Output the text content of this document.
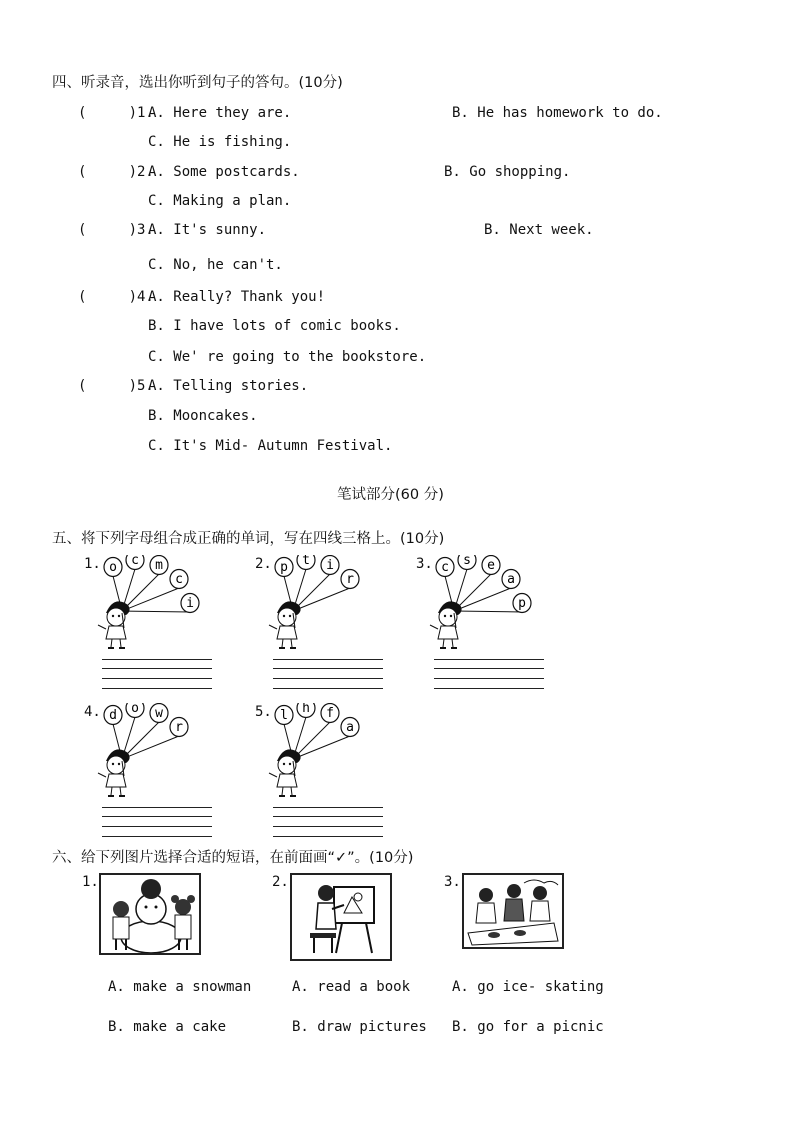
四、听录音，选出你听到句子的答句。(10分)
(     )1.
A. Here they are.	B. He has homework to do.
C. He is fishing.
(     )2.
A. Some postcards.	B. Go shopping.
C. Making a plan.
(     )3.
A. It's sunny.	B. Next week.
C. No, he can't.
(     )4.
A. Really? Thank you!
B. I have lots of comic books.
C. We' re going to the bookstore.
(     )5.
A. Telling stories.
B. Mooncakes.
C. It's Mid- Autumn Festival.
笔试部分(60 分)
五、将下列字母组合成正确的单词，写在四线三格上。(10分)
1. o c m
c
i
2. p t i
r
3. c s e
a
p
4. d o w
r
5. l h f
a
六、给下列图片选择合适的短语，在前面画“✓”。(10分)
1.	2.	3.
A. make a snowman
B. make a cake
A. read a book
B. draw pictures
A. go ice- skating
B. go for a picnic
